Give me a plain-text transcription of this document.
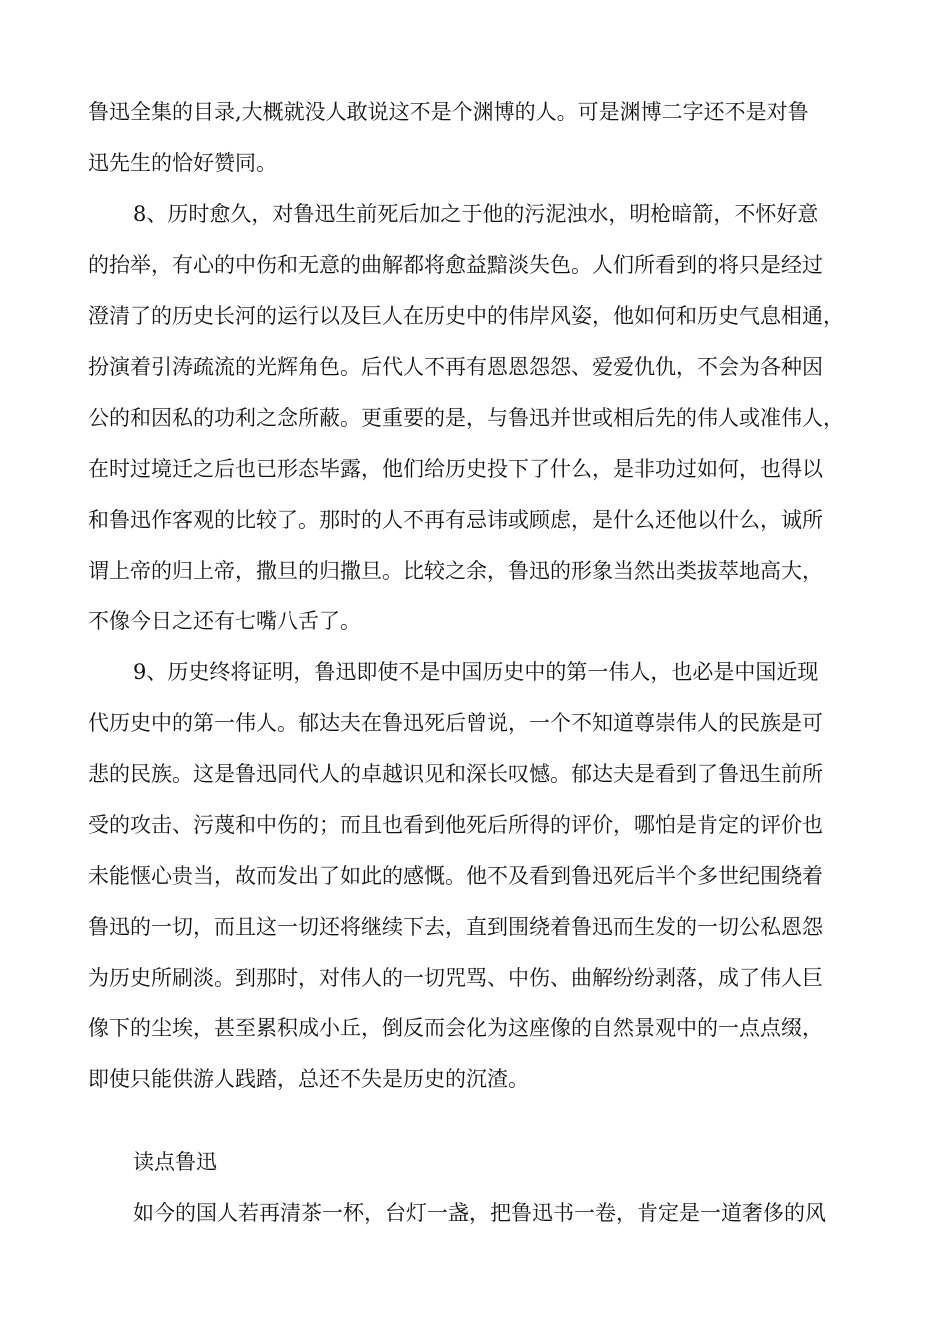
鲁迅全集的目录,大概就没人敢说这不是个渊博的人。可是渊博二字还不是对鲁
迅先生的恰好赞同。
8、历时愈久，对鲁迅生前死后加之于他的污泥浊水，明枪暗箭，不怀好意
的抬举，有心的中伤和无意的曲解都将愈益黯淡失色。人们所看到的将只是经过
澄清了的历史长河的运行以及巨人在历史中的伟岸风姿，他如何和历史气息相通，
扮演着引涛疏流的光辉角色。后代人不再有恩恩怨怨、爱爱仇仇，不会为各种因
公的和因私的功利之念所蔽。更重要的是，与鲁迅并世或相后先的伟人或准伟人，
在时过境迁之后也已形态毕露，他们给历史投下了什么，是非功过如何，也得以
和鲁迅作客观的比较了。那时的人不再有忌讳或顾虑，是什么还他以什么，诚所
谓上帝的归上帝，撒旦的归撒旦。比较之余，鲁迅的形象当然出类拔萃地高大，
不像今日之还有七嘴八舌了。
9、历史终将证明，鲁迅即使不是中国历史中的第一伟人，也必是中国近现
代历史中的第一伟人。郁达夫在鲁迅死后曾说，一个不知道尊崇伟人的民族是可
悲的民族。这是鲁迅同代人的卓越识见和深长叹憾。郁达夫是看到了鲁迅生前所
受的攻击、污蔑和中伤的；而且也看到他死后所得的评价，哪怕是肯定的评价也
未能惬心贵当，故而发出了如此的感慨。他不及看到鲁迅死后半个多世纪围绕着
鲁迅的一切，而且这一切还将继续下去，直到围绕着鲁迅而生发的一切公私恩怨
为历史所刷淡。到那时，对伟人的一切咒骂、中伤、曲解纷纷剥落，成了伟人巨
像下的尘埃，甚至累积成小丘，倒反而会化为这座像的自然景观中的一点点缀，
即使只能供游人践踏，总还不失是历史的沉渣。
读点鲁迅
如今的国人若再清茶一杯，台灯一盏，把鲁迅书一卷，肯定是一道奢侈的风
